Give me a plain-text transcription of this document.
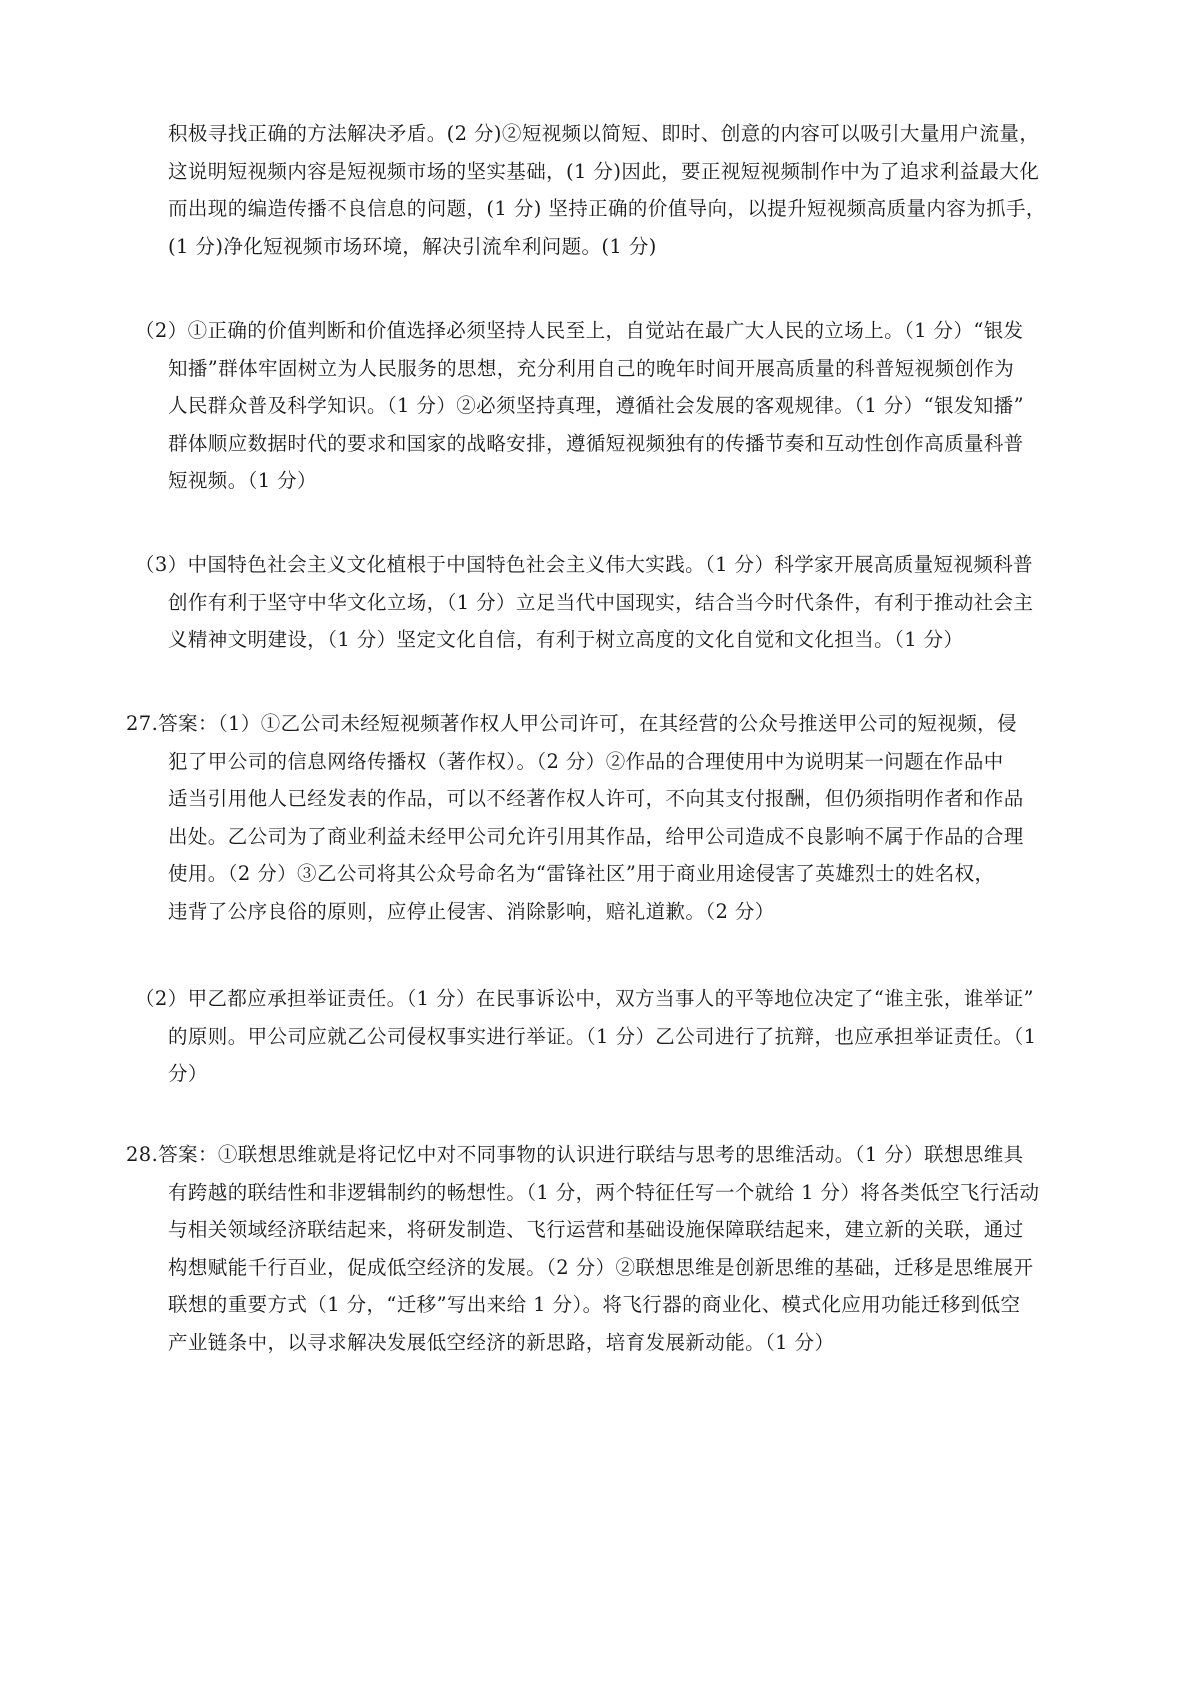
积极寻找正确的方法解决矛盾。(2 分)②短视频以简短、即时、创意的内容可以吸引大量用户流量，
这说明短视频内容是短视频市场的坚实基础，(1 分)因此，要正视短视频制作中为了追求利益最大化
而出现的编造传播不良信息的问题，(1 分) 坚持正确的价值导向，以提升短视频高质量内容为抓手，
(1 分)净化短视频市场环境，解决引流牟利问题。(1 分)
（2）①正确的价值判断和价值选择必须坚持人民至上，自觉站在最广大人民的立场上。（1 分）“银发
知播”群体牢固树立为人民服务的思想，充分利用自己的晚年时间开展高质量的科普短视频创作为
人民群众普及科学知识。（1 分）②必须坚持真理，遵循社会发展的客观规律。（1 分）“银发知播”
群体顺应数据时代的要求和国家的战略安排，遵循短视频独有的传播节奏和互动性创作高质量科普
短视频。（1 分）
（3）中国特色社会主义文化植根于中国特色社会主义伟大实践。（1 分）科学家开展高质量短视频科普
创作有利于坚守中华文化立场，（1 分）立足当代中国现实，结合当今时代条件，有利于推动社会主
义精神文明建设，（1 分）坚定文化自信，有利于树立高度的文化自觉和文化担当。（1 分）
27.答案：（1）①乙公司未经短视频著作权人甲公司许可，在其经营的公众号推送甲公司的短视频，侵
犯了甲公司的信息网络传播权（著作权）。（2 分）②作品的合理使用中为说明某一问题在作品中
适当引用他人已经发表的作品，可以不经著作权人许可，不向其支付报酬，但仍须指明作者和作品
出处。乙公司为了商业利益未经甲公司允许引用其作品，给甲公司造成不良影响不属于作品的合理
使用。（2 分）③乙公司将其公众号命名为“雷锋社区”用于商业用途侵害了英雄烈士的姓名权，
违背了公序良俗的原则，应停止侵害、消除影响，赔礼道歉。（2 分）
（2）甲乙都应承担举证责任。（1 分）在民事诉讼中，双方当事人的平等地位决定了“谁主张，谁举证”
的原则。甲公司应就乙公司侵权事实进行举证。（1 分）乙公司进行了抗辩，也应承担举证责任。（1
分）
28.答案：①联想思维就是将记忆中对不同事物的认识进行联结与思考的思维活动。（1 分）联想思维具
有跨越的联结性和非逻辑制约的畅想性。（1 分，两个特征任写一个就给 1 分）将各类低空飞行活动
与相关领域经济联结起来，将研发制造、飞行运营和基础设施保障联结起来，建立新的关联，通过
构想赋能千行百业，促成低空经济的发展。（2 分）②联想思维是创新思维的基础，迁移是思维展开
联想的重要方式（1 分，“迁移”写出来给 1 分）。将飞行器的商业化、模式化应用功能迁移到低空
产业链条中，以寻求解决发展低空经济的新思路，培育发展新动能。（1 分）
